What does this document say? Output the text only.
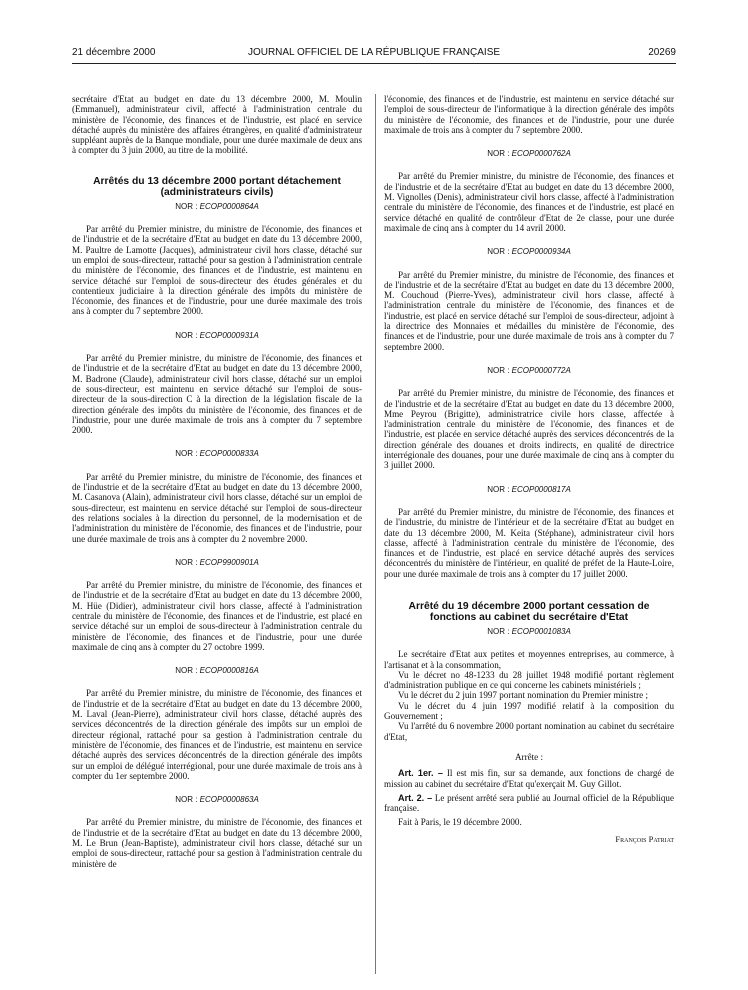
21 décembre 2000	JOURNAL OFFICIEL DE LA RÉPUBLIQUE FRANÇAISE	20269

secrétaire d'Etat au budget en date du 13 décembre 2000, M. Moulin (Emmanuel), administrateur civil, affecté à l'administration centrale du ministère de l'économie, des finances et de l'industrie, est placé en service détaché auprès du ministère des affaires étrangères, en qualité d'administrateur suppléant auprès de la Banque mondiale, pour une durée maximale de deux ans à compter du 3 juin 2000, au titre de la mobilité.

Arrêtés du 13 décembre 2000 portant détachement (administrateurs civils)
NOR : ECOP0000864A

Par arrêté du Premier ministre, du ministre de l'économie, des finances et de l'industrie et de la secrétaire d'Etat au budget en date du 13 décembre 2000, M. Paultre de Lamotte (Jacques), administrateur civil hors classe, détaché sur un emploi de sous-directeur, rattaché pour sa gestion à l'administration centrale du ministère de l'économie, des finances et de l'industrie, est maintenu en service détaché sur l'emploi de sous-directeur des études générales et du contentieux judiciaire à la direction générale des impôts du ministère de l'économie, des finances et de l'industrie, pour une durée maximale des trois ans à compter du 7 septembre 2000.

NOR : ECOP0000931A

Par arrêté du Premier ministre, du ministre de l'économie, des finances et de l'industrie et de la secrétaire d'Etat au budget en date du 13 décembre 2000, M. Badrone (Claude), administrateur civil hors classe, détaché sur un emploi de sous-directeur, est maintenu en service détaché sur l'emploi de sous-directeur de la sous-direction C à la direction de la législation fiscale de la direction générale des impôts du ministère de l'économie, des finances et de l'industrie, pour une durée maximale de trois ans à compter du 7 septembre 2000.

NOR : ECOP0000833A

Par arrêté du Premier ministre, du ministre de l'économie, des finances et de l'industrie et de la secrétaire d'Etat au budget en date du 13 décembre 2000, M. Casanova (Alain), administrateur civil hors classe, détaché sur un emploi de sous-directeur, est maintenu en service détaché sur l'emploi de sous-directeur des relations sociales à la direction du personnel, de la modernisation et de l'administration du ministère de l'économie, des finances et de l'industrie, pour une durée maximale de trois ans à compter du 2 novembre 2000.

NOR : ECOP9900901A

Par arrêté du Premier ministre, du ministre de l'économie, des finances et de l'industrie et de la secrétaire d'Etat au budget en date du 13 décembre 2000, M. Hüe (Didier), administrateur civil hors classe, affecté à l'administration centrale du ministère de l'économie, des finances et de l'industrie, est placé en service détaché sur un emploi de sous-directeur à l'administration centrale du ministère de l'économie, des finances et de l'industrie, pour une durée maximale de cinq ans à compter du 27 octobre 1999.

NOR : ECOP0000816A

Par arrêté du Premier ministre, du ministre de l'économie, des finances et de l'industrie et de la secrétaire d'Etat au budget en date du 13 décembre 2000, M. Laval (Jean-Pierre), administrateur civil hors classe, détaché auprès des services déconcentrés de la direction générale des impôts sur un emploi de directeur régional, rattaché pour sa gestion à l'administration centrale du ministère de l'économie, des finances et de l'industrie, est maintenu en service détaché auprès des services déconcentrés de la direction générale des impôts sur un emploi de délégué interrégional, pour une durée maximale de trois ans à compter du 1er septembre 2000.

NOR : ECOP0000863A

Par arrêté du Premier ministre, du ministre de l'économie, des finances et de l'industrie et de la secrétaire d'Etat au budget en date du 13 décembre 2000, M. Le Brun (Jean-Baptiste), administrateur civil hors classe, détaché sur un emploi de sous-directeur, rattaché pour sa gestion à l'administration centrale du ministère de

l'économie, des finances et de l'industrie, est maintenu en service détaché sur l'emploi de sous-directeur de l'informatique à la direction générale des impôts du ministère de l'économie, des finances et de l'industrie, pour une durée maximale de trois ans à compter du 7 septembre 2000.

NOR : ECOP0000762A

Par arrêté du Premier ministre, du ministre de l'économie, des finances et de l'industrie et de la secrétaire d'Etat au budget en date du 13 décembre 2000, M. Vignolles (Denis), administrateur civil hors classe, affecté à l'administration centrale du ministère de l'économie, des finances et de l'industrie, est placé en service détaché en qualité de contrôleur d'Etat de 2e classe, pour une durée maximale de cinq ans à compter du 14 avril 2000.

NOR : ECOP0000934A

Par arrêté du Premier ministre, du ministre de l'économie, des finances et de l'industrie et de la secrétaire d'Etat au budget en date du 13 décembre 2000, M. Couchoud (Pierre-Yves), administrateur civil hors classe, affecté à l'administration centrale du ministère de l'économie, des finances et de l'industrie, est placé en service détaché sur l'emploi de sous-directeur, adjoint à la directrice des Monnaies et médailles du ministère de l'économie, des finances et de l'industrie, pour une durée maximale de trois ans à compter du 7 septembre 2000.

NOR : ECOP0000772A

Par arrêté du Premier ministre, du ministre de l'économie, des finances et de l'industrie et de la secrétaire d'Etat au budget en date du 13 décembre 2000, Mme Peyrou (Brigitte), administratrice civile hors classe, affectée à l'administration centrale du ministère de l'économie, des finances et de l'industrie, est placée en service détaché auprès des services déconcentrés de la direction générale des douanes et droits indirects, en qualité de directrice interrégionale des douanes, pour une durée maximale de cinq ans à compter du 3 juillet 2000.

NOR : ECOP0000817A

Par arrêté du Premier ministre, du ministre de l'économie, des finances et de l'industrie, du ministre de l'intérieur et de la secrétaire d'Etat au budget en date du 13 décembre 2000, M. Keita (Stéphane), administrateur civil hors classe, affecté à l'administration centrale du ministère de l'économie, des finances et de l'industrie, est placé en service détaché auprès des services déconcentrés du ministère de l'intérieur, en qualité de préfet de la Haute-Loire, pour une durée maximale de trois ans à compter du 17 juillet 2000.

Arrêté du 19 décembre 2000 portant cessation de fonctions au cabinet du secrétaire d'Etat
NOR : ECOP0001083A

Le secrétaire d'Etat aux petites et moyennes entreprises, au commerce, à l'artisanat et à la consommation,

Vu le décret no 48-1233 du 28 juillet 1948 modifié portant règlement d'administration publique en ce qui concerne les cabinets ministériels ;

Vu le décret du 2 juin 1997 portant nomination du Premier ministre ;

Vu le décret du 4 juin 1997 modifié relatif à la composition du Gouvernement ;

Vu l'arrêté du 6 novembre 2000 portant nomination au cabinet du secrétaire d'Etat,

Arrête :

Art. 1er. – Il est mis fin, sur sa demande, aux fonctions de chargé de mission au cabinet du secrétaire d'Etat qu'exerçait M. Guy Gillot.

Art. 2. – Le présent arrêté sera publié au Journal officiel de la République française.

Fait à Paris, le 19 décembre 2000.

François Patriat
